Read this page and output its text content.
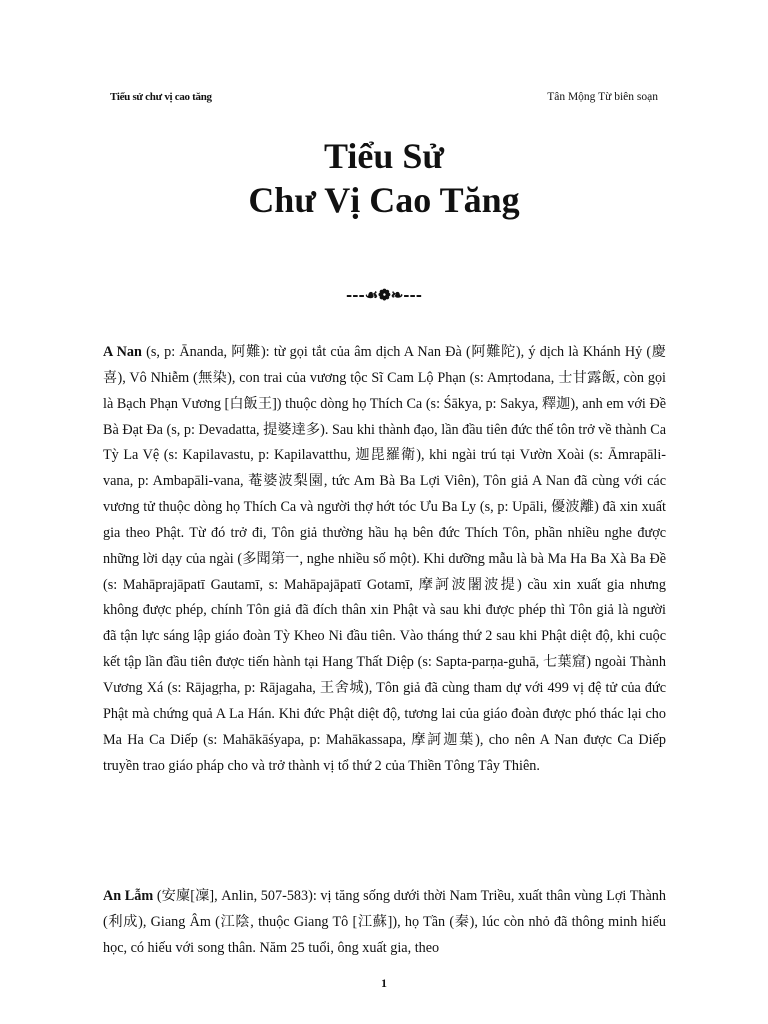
Tiểu sử chư vị cao tăng	Tân Mộng Từ biên soạn
Tiểu Sử
Chư Vị Cao Tăng
---☙❁❧---

A Nan (s, p: Ānanda, 阿難): từ gọi tắt của âm dịch A Nan Đà (阿難陀), ý dịch là Khánh Hỷ (慶喜), Vô Nhiễm (無染), con trai của vương tộc Sĩ Cam Lộ Phạn (s: Amṛtodana, 士甘露飯, còn gọi là Bạch Phạn Vương [白飯王]) thuộc dòng họ Thích Ca (s: Śākya, p: Sakya, 釋迦), anh em với Đề Bà Đạt Đa (s, p: Devadatta, 提婆達多). Sau khi thành đạo, lần đầu tiên đức thế tôn trở về thành Ca Tỳ La Vệ (s: Kapilavastu, p: Kapilavatthu, 迦毘羅衛), khi ngài trú tại Vườn Xoài (s: Āmrapāli-vana, p: Ambapāli-vana, 菴婆波梨園, tức Am Bà Ba Lợi Viên), Tôn giả A Nan đã cùng với các vương tử thuộc dòng họ Thích Ca và người thợ hớt tóc Ưu Ba Ly (s, p: Upāli, 優波離) đã xin xuất gia theo Phật. Từ đó trở đi, Tôn giả thường hầu hạ bên đức Thích Tôn, phần nhiều nghe được những lời dạy của ngài (多聞第一, nghe nhiều số một). Khi dưỡng mẫu là bà Ma Ha Ba Xà Ba Đề (s: Mahāprajāpatī Gautamī, s: Mahāpajāpatī Gotamī, 摩訶波闍波提) cầu xin xuất gia nhưng không được phép, chính Tôn giả đã đích thân xin Phật và sau khi được phép thì Tôn giả là người đã tận lực sáng lập giáo đoàn Tỳ Kheo Ni đầu tiên. Vào tháng thứ 2 sau khi Phật diệt độ, khi cuộc kết tập lần đầu tiên được tiến hành tại Hang Thất Diệp (s: Sapta-parṇa-guhā, 七葉窟) ngoài Thành Vương Xá (s: Rājagṛha, p: Rājagaha, 王舍城), Tôn giả đã cùng tham dự với 499 vị đệ tử của đức Phật mà chứng quả A La Hán. Khi đức Phật diệt độ, tương lai của giáo đoàn được phó thác lại cho Ma Ha Ca Diếp (s: Mahākāśyapa, p: Mahākassapa, 摩訶迦葉), cho nên A Nan được Ca Diếp truyền trao giáo pháp cho và trở thành vị tổ thứ 2 của Thiền Tông Tây Thiên.

An Lẫm (安廩[凜], Anlin, 507-583): vị tăng sống dưới thời Nam Triều, xuất thân vùng Lợi Thành (利成), Giang Âm (江陰, thuộc Giang Tô [江蘇]), họ Tần (秦), lúc còn nhỏ đã thông minh hiếu học, có hiếu với song thân. Năm 25 tuổi, ông xuất gia, theo

1
